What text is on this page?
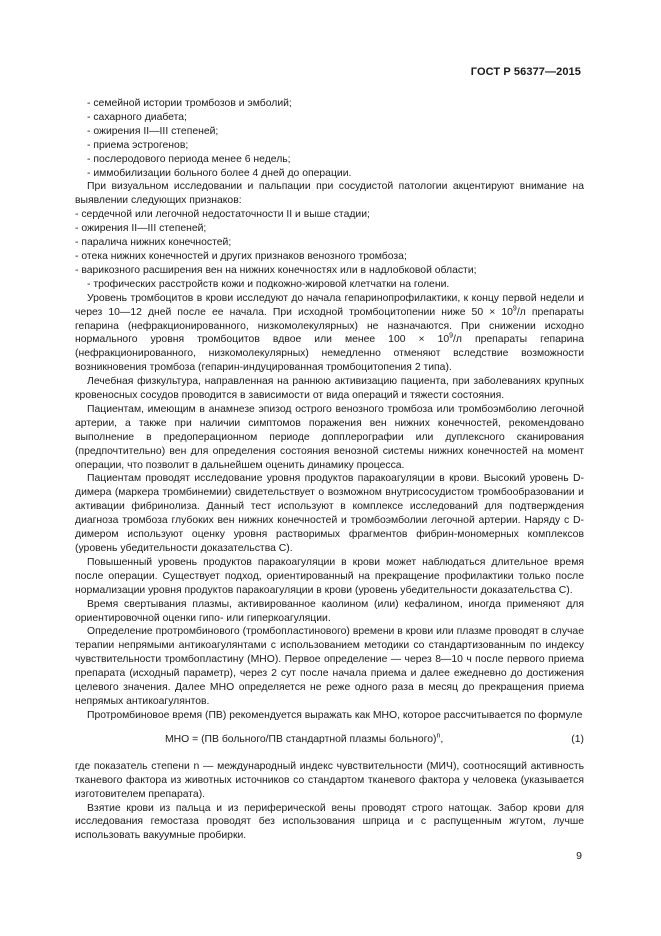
ГОСТ Р 56377—2015

- семейной истории тромбозов и эмболий;

- сахарного диабета;

- ожирения II—III степеней;

- приема эстрогенов;

- послеродового периода менее 6 недель;

- иммобилизации больного более 4 дней до операции.

При визуальном исследовании и пальпации при сосудистой патологии акцентируют внимание на выявлении следующих признаков:

- сердечной или легочной недостаточности II и выше стадии;

- ожирения II—III степеней;

- паралича нижних конечностей;

- отека нижних конечностей и других признаков венозного тромбоза;

- варикозного расширения вен на нижних конечностях или в надлобковой области;

- трофических расстройств кожи и подкожно-жировой клетчатки на голени.

Уровень тромбоцитов в крови исследуют до начала гепаринопрофилактики, к концу первой недели и через 10—12 дней после ее начала. При исходной тромбоцитопении ниже $50 \times 10^9/л$ препараты гепарина (нефракционированного, низкомолекулярных) не назначаются. При снижении исходно нормального уровня тромбоцитов вдвое или менее $100 \times 10^9/л$ препараты гепарина (нефракционированного, низкомолекулярных) немедленно отменяют вследствие возможности возникновения тромбоза (гепарин-индуцированная тромбоцитопения 2 типа).

Лечебная физкультура, направленная на раннюю активизацию пациента, при заболеваниях крупных кровеносных сосудов проводится в зависимости от вида операций и тяжести состояния.

Пациентам, имеющим в анамнезе эпизод острого венозного тромбоза или тромбоэмболию легочной артерии, а также при наличии симптомов поражения вен нижних конечностей, рекомендовано выполнение в предоперационном периоде допплерографии или дуплексного сканирования (предпочтительно) вен для определения состояния венозной системы нижних конечностей на момент операции, что позволит в дальнейшем оценить динамику процесса.

Пациентам проводят исследование уровня продуктов паракоагуляции в крови. Высокий уровень D-димера (маркера тромбинемии) свидетельствует о возможном внутрисосудистом тромбообразовании и активации фибринолиза. Данный тест используют в комплексе исследований для подтверждения диагноза тромбоза глубоких вен нижних конечностей и тромбоэмболии легочной артерии. Наряду с D-димером используют оценку уровня растворимых фрагментов фибрин-мономерных комплексов (уровень убедительности доказательства С).

Повышенный уровень продуктов паракоагуляции в крови может наблюдаться длительное время после операции. Существует подход, ориентированный на прекращение профилактики только после нормализации уровня продуктов паракоагуляции в крови (уровень убедительности доказательства С).

Время свертывания плазмы, активированное каолином (или) кефалином, иногда применяют для ориентировочной оценки гипо- или гиперкоагуляции.

Определение протромбинового (тромбопластинового) времени в крови или плазме проводят в случае терапии непрямыми антикоагулянтами с использованием методики со стандартизованным по индексу чувствительности тромбопластину (МНО). Первое определение — через 8—10 ч после первого приема препарата (исходный параметр), через 2 сут после начала приема и далее ежедневно до достижения целевого значения. Далее МНО определяется не реже одного раза в месяц до прекращения приема непрямых антикоагулянтов.

Протромбиновое время (ПВ) рекомендуется выражать как МНО, которое рассчитывается по формуле

МНО = (ПВ больного/ПВ стандартной плазмы больного)$^n$,	(1)

где показатель степени n — международный индекс чувствительности (МИЧ), соотносящий активность тканевого фактора из животных источников со стандартом тканевого фактора у человека (указывается изготовителем препарата).

Взятие крови из пальца и из периферической вены проводят строго натощак. Забор крови для исследования гемостаза проводят без использования шприца и с распущенным жгутом, лучше использовать вакуумные пробирки.

9
